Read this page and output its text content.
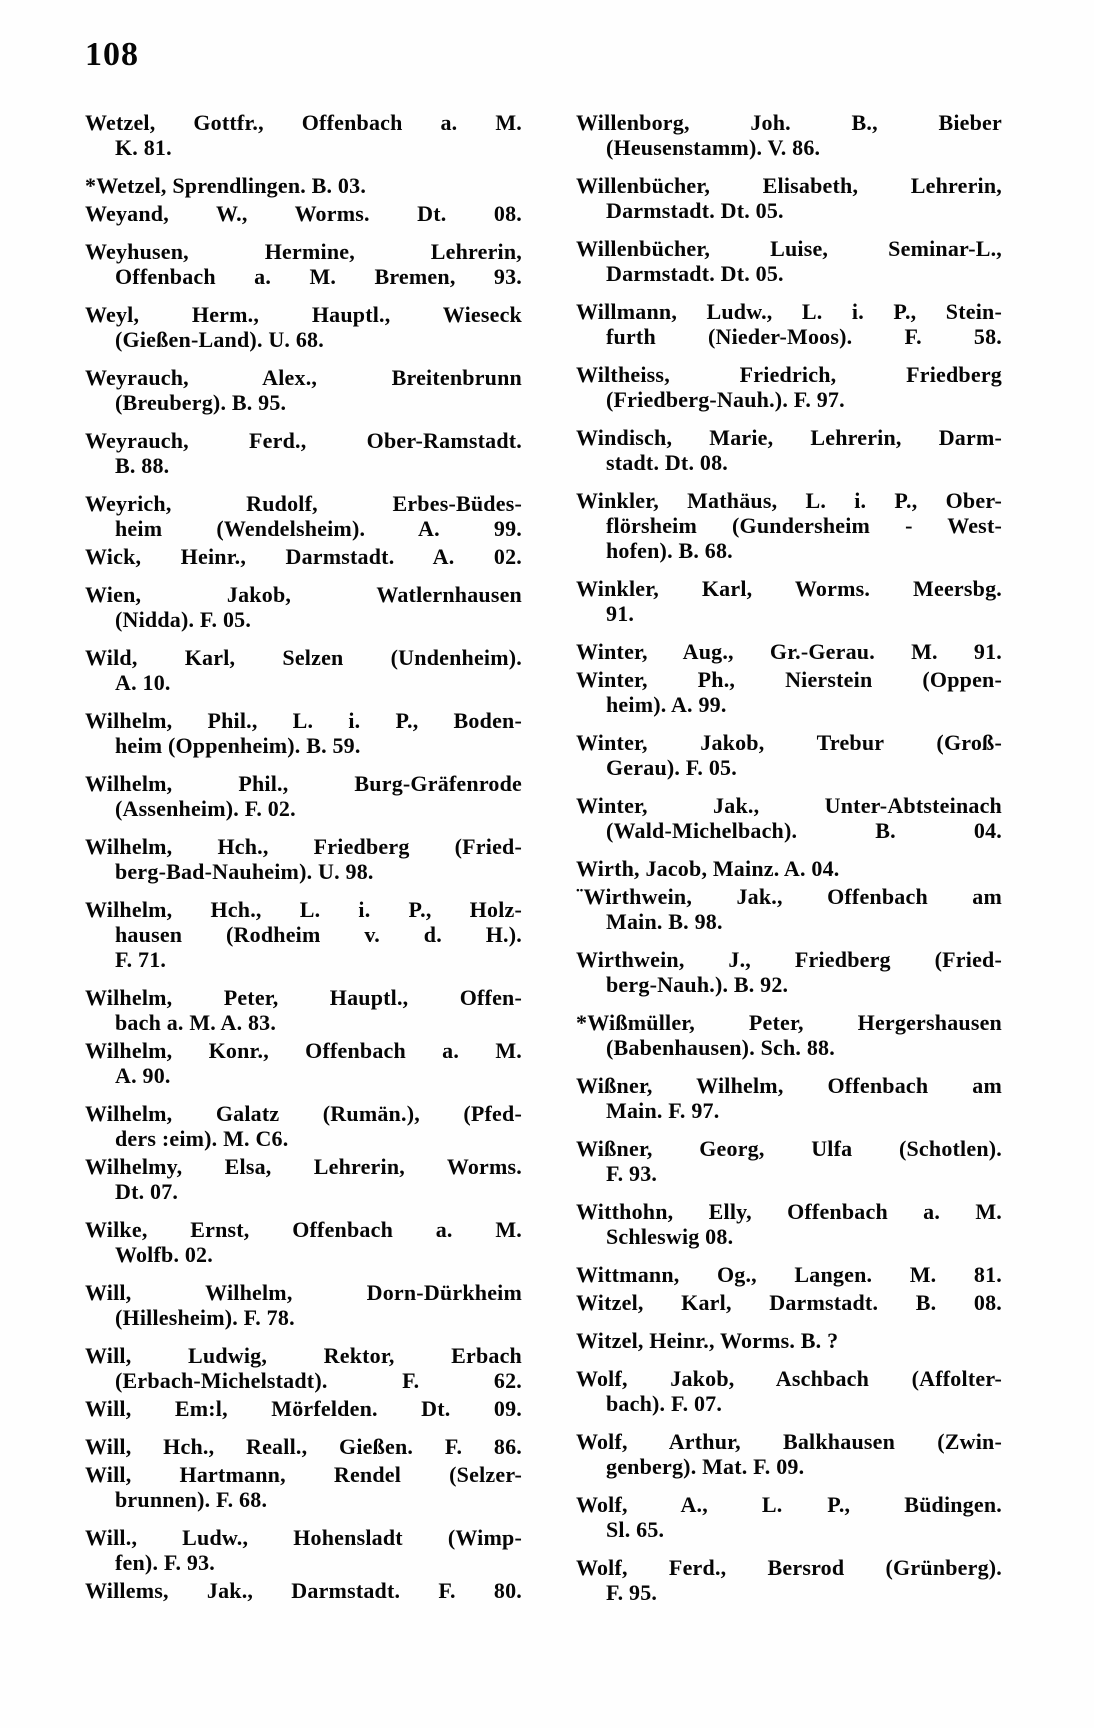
108
Wetzel, Gottfr., Offenbach a. M.
K. 81.
*Wetzel, Sprendlingen. B. 03.
Weyand, W., Worms. Dt. 08.
Weyhusen, Hermine, Lehrerin,
Offenbach a. M. Bremen, 93.
Weyl, Herm., Hauptl., Wieseck
(Gießen-Land). U. 68.
Weyrauch, Alex., Breitenbrunn
(Breuberg). B. 95.
Weyrauch, Ferd., Ober-Ramstadt.
B. 88.
Weyrich, Rudolf, Erbes-Büdes-
heim (Wendelsheim). A. 99.
Wick, Heinr., Darmstadt. A. 02.
Wien, Jakob, Watlernhausen
(Nidda). F. 05.
Wild, Karl, Selzen (Undenheim).
A. 10.
Wilhelm, Phil., L. i. P., Boden-
heim (Oppenheim). B. 59.
Wilhelm, Phil., Burg-Gräfenrode
(Assenheim). F. 02.
Wilhelm, Hch., Friedberg (Fried-
berg-Bad-Nauheim). U. 98.
Wilhelm, Hch., L. i. P., Holz-
hausen (Rodheim v. d. H.).
F. 71.
Wilhelm, Peter, Hauptl., Offen-
bach a. M. A. 83.
Wilhelm, Konr., Offenbach a. M.
A. 90.
Wilhelm, Galatz (Rumän.), (Pfed-
ders :eim). M. C6.
Wilhelmy, Elsa, Lehrerin, Worms.
Dt. 07.
Wilke, Ernst, Offenbach a. M.
Wolfb. 02.
Will, Wilhelm, Dorn-Dürkheim
(Hillesheim). F. 78.
Will, Ludwig, Rektor, Erbach
(Erbach-Michelstadt). F. 62.
Will, Em:l, Mörfelden. Dt. 09.
Will, Hch., Reall., Gießen. F. 86.
Will, Hartmann, Rendel (Selzer-
brunnen). F. 68.
Will., Ludw., Hohensladt (Wimp-
fen). F. 93.
Willems, Jak., Darmstadt. F. 80.
Willenborg, Joh. B., Bieber
(Heusenstamm). V. 86.
Willenbücher, Elisabeth, Lehrerin,
Darmstadt. Dt. 05.
Willenbücher, Luise, Seminar-L.,
Darmstadt. Dt. 05.
Willmann, Ludw., L. i. P., Stein-
furth (Nieder-Moos). F. 58.
Wiltheiss, Friedrich, Friedberg
(Friedberg-Nauh.). F. 97.
Windisch, Marie, Lehrerin, Darm-
stadt. Dt. 08.
Winkler, Mathäus, L. i. P., Ober-
flörsheim (Gundersheim - West-
hofen). B. 68.
Winkler, Karl, Worms. Meersbg.
91.
Winter, Aug., Gr.-Gerau. M. 91.
Winter, Ph., Nierstein (Oppen-
heim). A. 99.
Winter, Jakob, Trebur (Groß-
Gerau). F. 05.
Winter, Jak., Unter-Abtsteinach
(Wald-Michelbach). B. 04.
Wirth, Jacob, Mainz. A. 04.
¨Wirthwein, Jak., Offenbach am
Main. B. 98.
Wirthwein, J., Friedberg (Fried-
berg-Nauh.). B. 92.
*Wißmüller, Peter, Hergershausen
(Babenhausen). Sch. 88.
Wißner, Wilhelm, Offenbach am
Main. F. 97.
Wißner, Georg, Ulfa (Schotlen).
F. 93.
Witthohn, Elly, Offenbach a. M.
Schleswig 08.
Wittmann, Og., Langen. M. 81.
Witzel, Karl, Darmstadt. B. 08.
Witzel, Heinr., Worms. B. ?
Wolf, Jakob, Aschbach (Affolter-
bach). F. 07.
Wolf, Arthur, Balkhausen (Zwin-
genberg). Mat. F. 09.
Wolf, A., L.    P., Büdingen.
Sl. 65.
Wolf, Ferd., Bersrod (Grünberg).
F. 95.
